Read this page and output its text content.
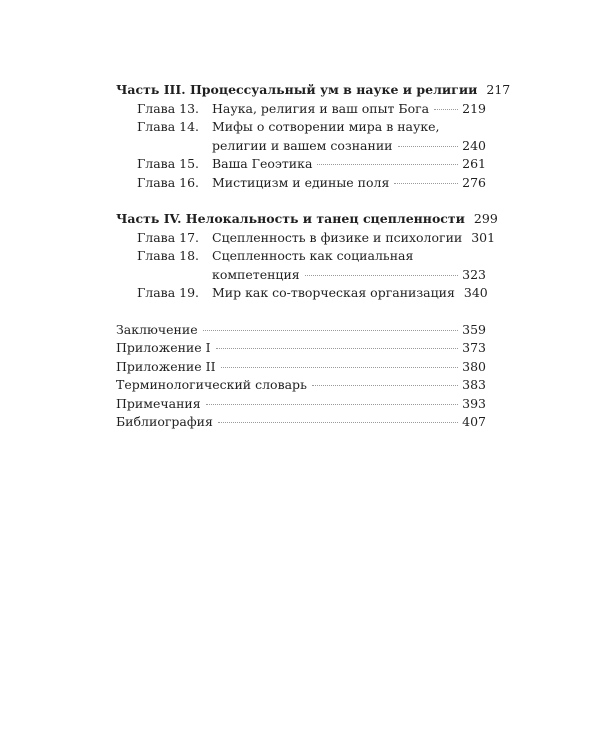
Часть III. Процессуальный ум в науке и религии 217
Глава 13.	Наука, религия и ваш опыт Бога	219
Глава 14.	Мифы о сотворении мира в науке,
религии и вашем сознании	240
Глава 15.	Ваша Геоэтика	261
Глава 16.	Мистицизм и единые поля	276
Часть IV. Нелокальность и танец сцепленности 299
Глава 17.	Сцепленность в физике и психологии 301
Глава 18.	Сцепленность как социальная
компетенция	323
Глава 19.	Мир как со-творческая организация 340
Заключение	359
Приложение I	373
Приложение II	380
Терминологический словарь	383
Примечания	393
Библиография	407
